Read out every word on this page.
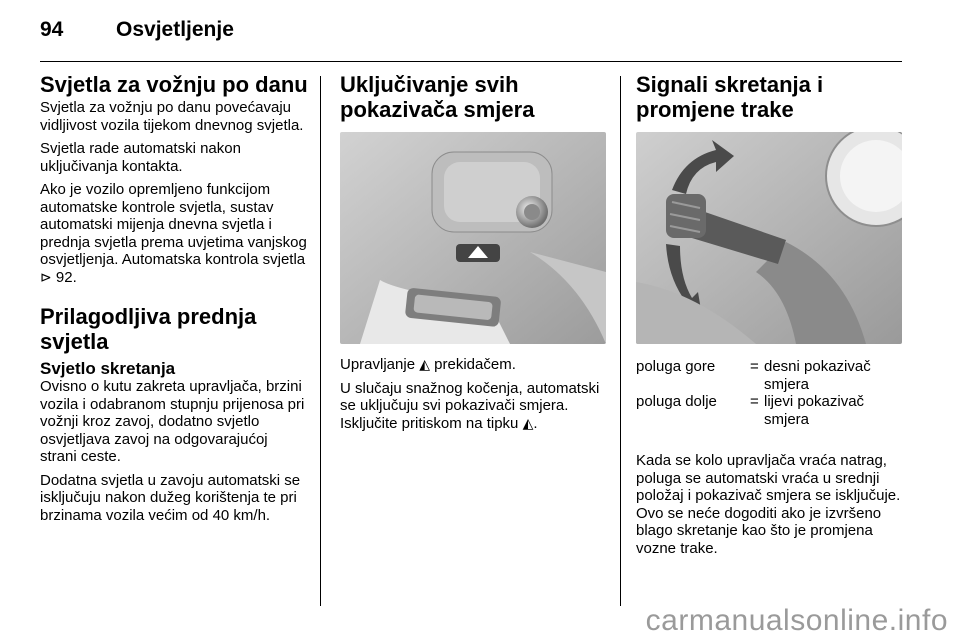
94	Osvjetljenje
Svjetla za vožnju po danu

Svjetla za vožnju po danu povećavaju vidljivost vozila tijekom dnevnog svjetla.

Svjetla rade automatski nakon uključivanja kontakta.

Ako je vozilo opremljeno funkcijom automatske kontrole svjetla, sustav automatski mijenja dnevna svjetla i prednja svjetla prema uvjetima vanjskog osvjetljenja. Automatska kontrola svjetla ⊳ 92.

Prilagodljiva prednja svjetla
Svjetlo skretanja

Ovisno o kutu zakreta upravljača, brzini vozila i odabranom stupnju prijenosa pri vožnji kroz zavoj, dodatno svjetlo osvjetljava zavoj na odgovarajućoj strani ceste.

Dodatna svjetla u zavoju automatski se isključuju nakon dužeg korištenja te pri brzinama vozila većim od 40 km/h.

Uključivanje svih pokazivača smjera

Upravljanje ◭ prekidačem.

U slučaju snažnog kočenja, automatski se uključuju svi pokazivači smjera. Isključite pritiskom na tipku ◭.

Signali skretanja i promjene trake
poluga gore	=	desni pokazivač smjera
poluga dolje	=	lijevi pokazivač smjera

Kada se kolo upravljača vraća natrag, poluga se automatski vraća u srednji položaj i pokazivač smjera se isključuje. Ovo se neće dogoditi ako je izvršeno blago skretanje kao što je promjena vozne trake.

carmanualsonline.info
